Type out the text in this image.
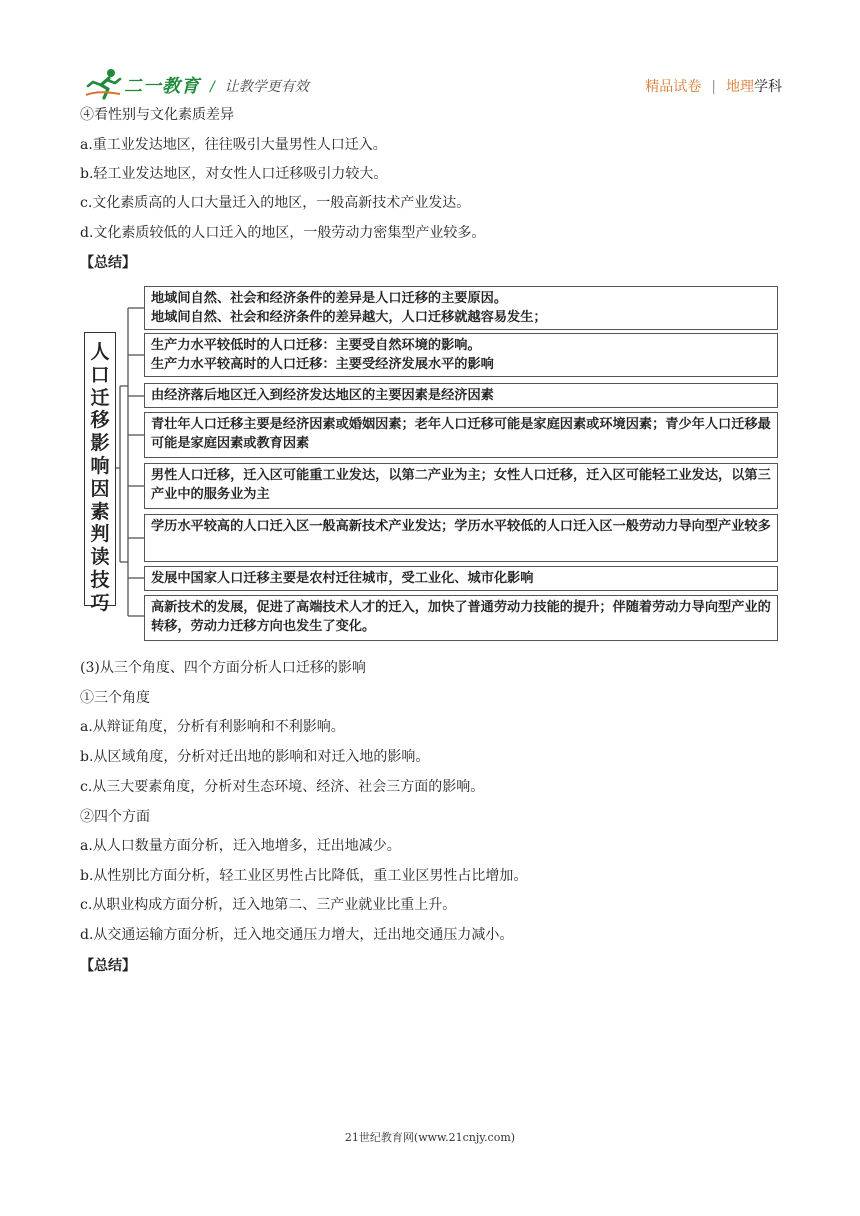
二一教育 / 让教学更有效	精品试卷 | 地理学科
④看性别与文化素质差异
a.重工业发达地区，往往吸引大量男性人口迁入。
b.轻工业发达地区，对女性人口迁移吸引力较大。
c.文化素质高的人口大量迁入的地区，一般高新技术产业发达。
d.文化素质较低的人口迁入的地区，一般劳动力密集型产业较多。
【总结】
人
口
迁
移
影
响
因
素
判
读
技
巧
地域间自然、社会和经济条件的差异是人口迁移的主要原因。
地域间自然、社会和经济条件的差异越大，人口迁移就越容易发生；
生产力水平较低时的人口迁移：主要受自然环境的影响。
生产力水平较高时的人口迁移：主要受经济发展水平的影响
由经济落后地区迁入到经济发达地区的主要因素是经济因素
青壮年人口迁移主要是经济因素或婚姻因素；老年人口迁移可能是家庭因素或环境因素；青少年人口迁移最可能是家庭因素或教育因素
男性人口迁移，迁入区可能重工业发达，以第二产业为主；女性人口迁移，迁入区可能轻工业发达，以第三产业中的服务业为主
学历水平较高的人口迁入区一般高新技术产业发达；学历水平较低的人口迁入区一般劳动力导向型产业较多
发展中国家人口迁移主要是农村迁往城市，受工业化、城市化影响
高新技术的发展，促进了高端技术人才的迁入，加快了普通劳动力技能的提升；伴随着劳动力导向型产业的转移，劳动力迁移方向也发生了变化。
(3)从三个角度、四个方面分析人口迁移的影响
①三个角度
a.从辩证角度，分析有利影响和不利影响。
b.从区域角度，分析对迁出地的影响和对迁入地的影响。
c.从三大要素角度，分析对生态环境、经济、社会三方面的影响。
②四个方面
a.从人口数量方面分析，迁入地增多，迁出地减少。
b.从性别比方面分析，轻工业区男性占比降低，重工业区男性占比增加。
c.从职业构成方面分析，迁入地第二、三产业就业比重上升。
d.从交通运输方面分析，迁入地交通压力增大，迁出地交通压力减小。
【总结】
21世纪教育网(www.21cnjy.com)
